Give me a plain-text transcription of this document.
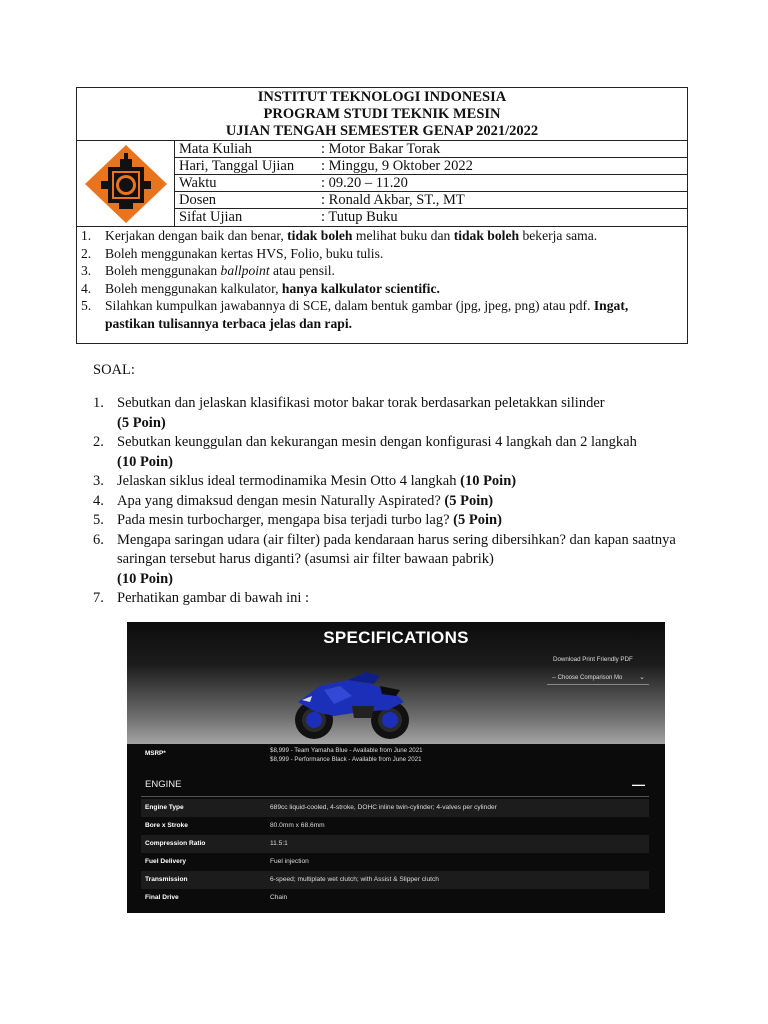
INSTITUT TEKNOLOGI INDONESIA
PROGRAM STUDI TEKNIK MESIN
UJIAN TENGAH SEMESTER GENAP 2021/2022
Mata Kuliah	: Motor Bakar Torak
Hari, Tanggal Ujian : Minggu, 9 Oktober 2022
Waktu	: 09.20 – 11.20
Dosen	: Ronald Akbar, ST., MT
Sifat Ujian	: Tutup Buku
1. Kerjakan dengan baik dan benar, tidak boleh melihat buku dan tidak boleh bekerja sama.
2. Boleh menggunakan kertas HVS, Folio, buku tulis.
3. Boleh menggunakan ballpoint atau pensil.
4. Boleh menggunakan kalkulator, hanya kalkulator scientific.
5. Silahkan kumpulkan jawabannya di SCE, dalam bentuk gambar (jpg, jpeg, png) atau pdf. Ingat, pastikan tulisannya terbaca jelas dan rapi.
SOAL:
1. Sebutkan dan jelaskan klasifikasi motor bakar torak berdasarkan peletakkan silinder
(5 Poin)
2. Sebutkan keunggulan dan kekurangan mesin dengan konfigurasi 4 langkah dan 2 langkah
(10 Poin)
3. Jelaskan siklus ideal termodinamika Mesin Otto 4 langkah (10 Poin)
4. Apa yang dimaksud dengan mesin Naturally Aspirated? (5 Poin)
5. Pada mesin turbocharger, mengapa bisa terjadi turbo lag? (5 Poin)
6. Mengapa saringan udara (air filter) pada kendaraan harus sering dibersihkan? dan kapan saatnya saringan tersebut harus diganti? (asumsi air filter bawaan pabrik)
(10 Poin)
7. Perhatikan gambar di bawah ini :
SPECIFICATIONS
Download Print Friendly PDF
-- Choose Comparison Mo ⌄
MSRP*	$8,999 - Team Yamaha Blue - Available from June 2021
$8,999 - Performance Black - Available from June 2021
ENGINE	—
Engine Type	689cc liquid-cooled, 4-stroke, DOHC inline twin-cylinder; 4-valves per cylinder
Bore x Stroke	80.0mm x 68.6mm
Compression Ratio	11.5:1
Fuel Delivery	Fuel injection
Transmission	6-speed; multiplate wet clutch; with Assist & Slipper clutch
Final Drive	Chain
